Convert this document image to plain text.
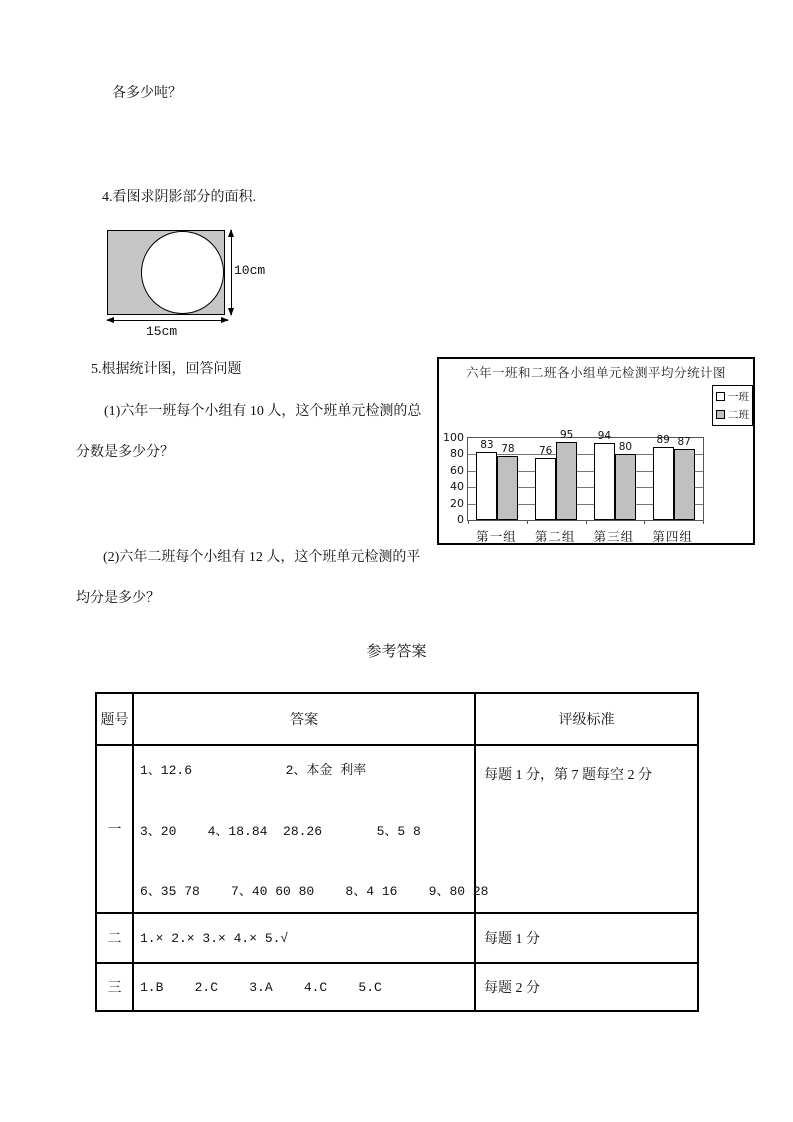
各多少吨？
4.看图求阴影部分的面积.
10cm
15cm
5.根据统计图，回答问题
(1)六年一班每个小组有 10 人，这个班单元检测的总
分数是多少分？
(2)六年二班每个小组有 12 人，这个班单元检测的平
均分是多少？
六年一班和二班各小组单元检测平均分统计图
0
20
40
60
80
100
83 78 76
95 94
80
89 87
第一组	第二组	第三组	第四组
一班
二班
参考答案
题号	答案	评级标准
一	1、12.6            2、本金 利率
3、20    4、18.84  28.26       5、5 8
6、35 78    7、40 60 80    8、4 16    9、80 28	每题 1 分，第 7 题每空 2 分
二	1.× 2.× 3.× 4.× 5.√	每题 1 分
三	1.B    2.C    3.A    4.C    5.C	每题 2 分
